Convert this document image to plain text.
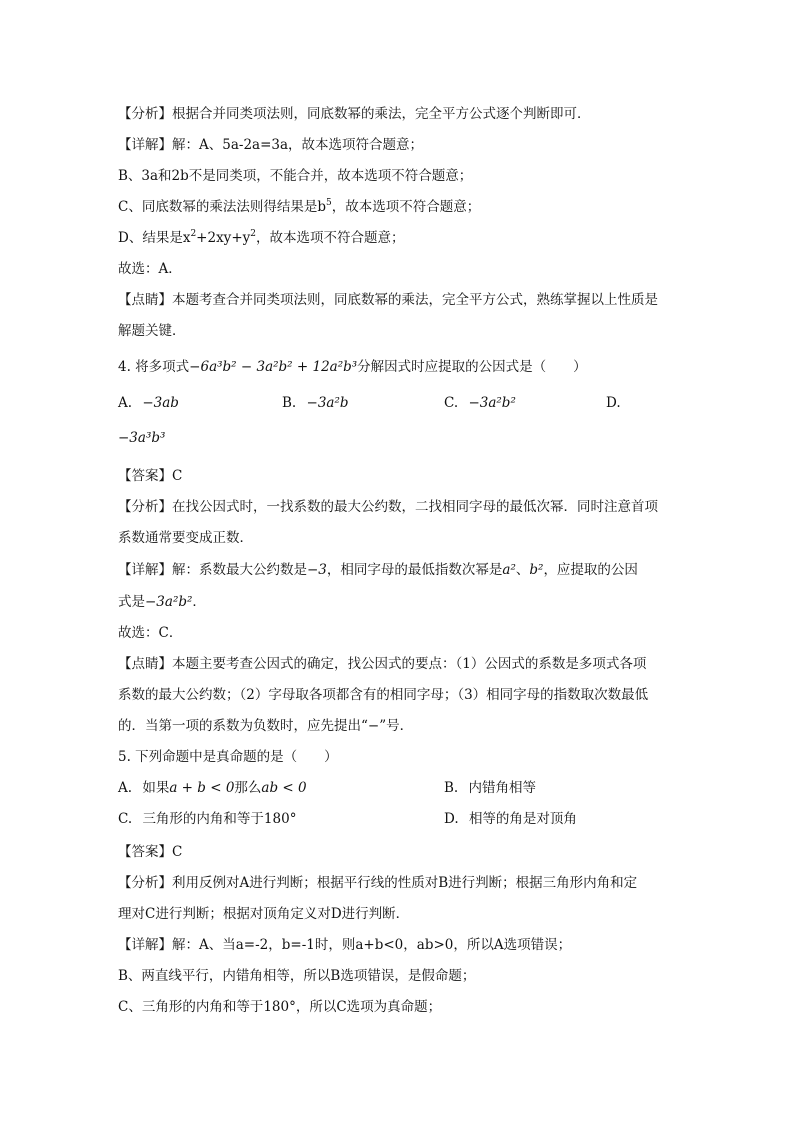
【分析】根据合并同类项法则，同底数幂的乘法，完全平方公式逐个判断即可．
【详解】解：A、5a-2a=3a，故本选项符合题意；
B、3a和2b不是同类项，不能合并，故本选项不符合题意；
C、同底数幂的乘法法则得结果是$b^5$，故本选项不符合题意；
D、结果是$x^2+2xy+y^2$，故本选项不符合题意；
故选：A．
【点睛】本题考查合并同类项法则，同底数幂的乘法，完全平方公式，熟练掌握以上性质是
解题关键．
4. 将多项式−6a³b² − 3a²b² + 12a²b³分解因式时应提取的公因式是（　　）
A. −3ab	B. −3a²b	C. −3a²b²	D.
−3a³b³
【答案】C
【分析】在找公因式时，一找系数的最大公约数，二找相同字母的最低次幂．同时注意首项
系数通常要变成正数．
【详解】解：系数最大公约数是−3，相同字母的最低指数次幂是a²、b²，应提取的公因
式是−3a²b²．
故选：C．
【点睛】本题主要考查公因式的确定，找公因式的要点：（1）公因式的系数是多项式各项
系数的最大公约数；（2）字母取各项都含有的相同字母；（3）相同字母的指数取次数最低
的．当第一项的系数为负数时，应先提出“−”号．
5. 下列命题中是真命题的是（　　）
A. 如果a + b < 0那么ab < 0	B. 内错角相等
C. 三角形的内角和等于180°	D. 相等的角是对顶角
【答案】C
【分析】利用反例对A进行判断；根据平行线的性质对B进行判断；根据三角形内角和定
理对C进行判断；根据对顶角定义对D进行判断．
【详解】解：A、当a=-2，b=-1时，则a+b<0，ab>0，所以A选项错误；
B、两直线平行，内错角相等，所以B选项错误，是假命题；
C、三角形的内角和等于180°，所以C选项为真命题；
